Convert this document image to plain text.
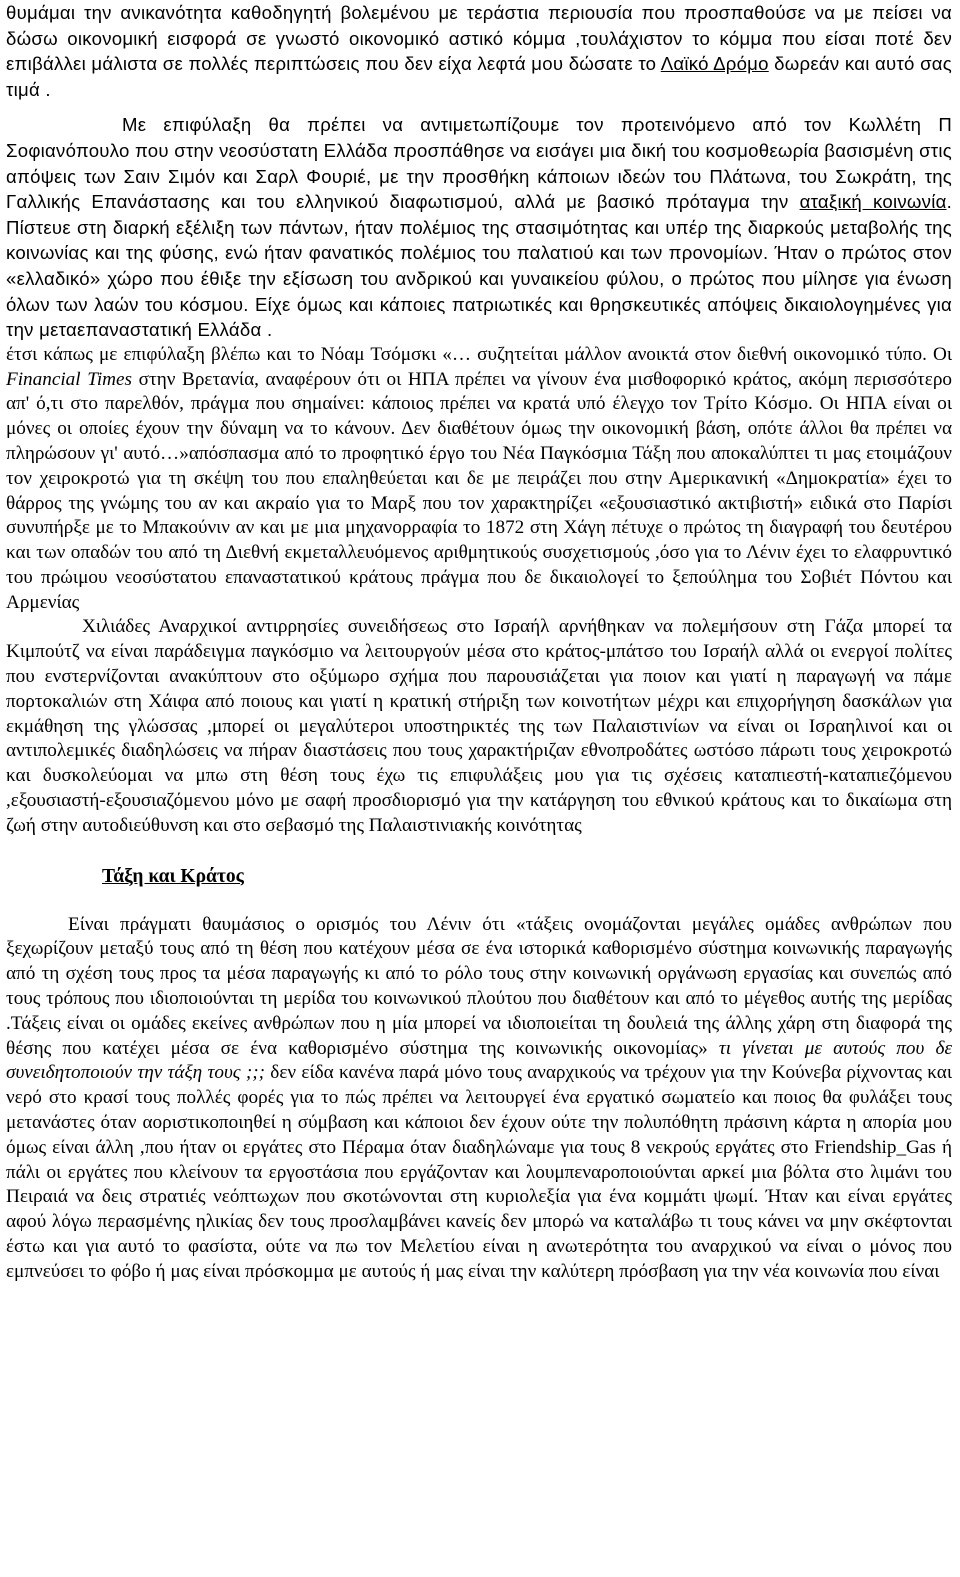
θυμάμαι την ανικανότητα καθοδηγητή βολεμένου με τεράστια περιουσία που προσπαθούσε να με πείσει να δώσω οικονομική εισφορά σε γνωστό οικονομικό αστικό κόμμα ,τουλάχιστον το κόμμα που είσαι ποτέ δεν επιβάλλει μάλιστα σε πολλές περιπτώσεις που δεν είχα λεφτά μου δώσατε το Λαϊκό Δρόμο δωρεάν και αυτό σας τιμά .

Με επιφύλαξη θα πρέπει να αντιμετωπίζουμε τον προτεινόμενο από τον Κωλλέτη Π Σοφιανόπουλο που στην νεοσύστατη Ελλάδα προσπάθησε να εισάγει μια δική του κοσμοθεωρία βασισμένη στις απόψεις των Σαιν Σιμόν και Σαρλ Φουριέ, με την προσθήκη κάποιων ιδεών του Πλάτωνα, του Σωκράτη, της Γαλλικής Επανάστασης και του ελληνικού διαφωτισμού, αλλά με βασικό πρόταγμα την αταξική κοινωνία. Πίστευε στη διαρκή εξέλιξη των πάντων, ήταν πολέμιος της στασιμότητας και υπέρ της διαρκούς μεταβολής της κοινωνίας και της φύσης, ενώ ήταν φανατικός πολέμιος του παλατιού και των προνομίων. Ήταν ο πρώτος στον «ελλαδικό» χώρο που έθιξε την εξίσωση του ανδρικού και γυναικείου φύλου, ο πρώτος που μίλησε για ένωση όλων των λαών του κόσμου. Είχε όμως και κάποιες πατριωτικές και θρησκευτικές απόψεις δικαιολογημένες για την μεταεπαναστατική Ελλάδα .

έτσι κάπως με επιφύλαξη βλέπω και το Νόαμ Τσόμσκι «… συζητείται μάλλον ανοικτά στον διεθνή οικονομικό τύπο. Οι Financial Times στην Βρετανία, αναφέρουν ότι οι ΗΠΑ πρέπει να γίνουν ένα μισθοφορικό κράτος, ακόμη περισσότερο απ' ό,τι στο παρελθόν, πράγμα που σημαίνει: κάποιος πρέπει να κρατά υπό έλεγχο τον Τρίτο Κόσμο. Οι ΗΠΑ είναι οι μόνες οι οποίες έχουν την δύναμη να το κάνουν. Δεν διαθέτουν όμως την οικονομική βάση, οπότε άλλοι θα πρέπει να πληρώσουν γι' αυτό…»απόσπασμα από το προφητικό έργο του Νέα Παγκόσμια Τάξη που αποκαλύπτει τι μας ετοιμάζουν τον χειροκροτώ για τη σκέψη του που επαληθεύεται και δε με πειράζει που στην Αμερικανική «Δημοκρατία» έχει το θάρρος της γνώμης του αν και ακραίο για το Μαρξ που τον χαρακτηρίζει «εξουσιαστικό ακτιβιστή» ειδικά στο Παρίσι συνυπήρξε με το Μπακούνιν αν και με μια μηχανορραφία το 1872 στη Χάγη πέτυχε ο πρώτος τη διαγραφή του δευτέρου και των οπαδών του από τη Διεθνή εκμεταλλευόμενος αριθμητικούς συσχετισμούς ,όσο για το Λένιν έχει το ελαφρυντικό του πρώιμου νεοσύστατου επαναστατικού κράτους πράγμα που δε δικαιολογεί το ξεπούλημα του Σοβιέτ Πόντου και Αρμενίας

Χιλιάδες Αναρχικοί αντιρρησίες συνειδήσεως στο Ισραήλ αρνήθηκαν να πολεμήσουν στη Γάζα μπορεί τα Κιμπούτζ να είναι παράδειγμα παγκόσμιο να λειτουργούν μέσα στο κράτος-μπάτσο του Ισραήλ αλλά οι ενεργοί πολίτες που ενστερνίζονται ανακύπτουν στο οξύμωρο σχήμα που παρουσιάζεται για ποιον και γιατί η παραγωγή να πάμε πορτοκαλιών στη Χάιφα από ποιους και γιατί η κρατική στήριξη των κοινοτήτων μέχρι και επιχορήγηση δασκάλων για εκμάθηση της γλώσσας ,μπορεί οι μεγαλύτεροι υποστηρικτές της των Παλαιστινίων να είναι οι Ισραηλινοί και οι αντιπολεμικές διαδηλώσεις να πήραν διαστάσεις που τους χαρακτήριζαν εθνοπροδάτες ωστόσο πάρωτι τους χειροκροτώ και δυσκολεύομαι να μπω στη θέση τους έχω τις επιφυλάξεις μου για τις σχέσεις καταπιεστή-καταπιεζόμενου ,εξουσιαστή-εξουσιαζόμενου μόνο με σαφή προσδιορισμό για την κατάργηση του εθνικού κράτους και το δικαίωμα στη ζωή στην αυτοδιεύθυνση και στο σεβασμό της Παλαιστινιακής κοινότητας

Τάξη και Κράτος

Είναι πράγματι θαυμάσιος ο ορισμός του Λένιν ότι «τάξεις ονομάζονται μεγάλες ομάδες ανθρώπων που ξεχωρίζουν μεταξύ τους από τη θέση που κατέχουν μέσα σε ένα ιστορικά καθορισμένο σύστημα κοινωνικής παραγωγής από τη σχέση τους προς τα μέσα παραγωγής κι από το ρόλο τους στην κοινωνική οργάνωση εργασίας και συνεπώς από τους τρόπους που ιδιοποιούνται τη μερίδα του κοινωνικού πλούτου που διαθέτουν και από το μέγεθος αυτής της μερίδας .Τάξεις είναι οι ομάδες εκείνες ανθρώπων που η μία μπορεί να ιδιοποιείται τη δουλειά της άλλης χάρη στη διαφορά της θέσης που κατέχει μέσα σε ένα καθορισμένο σύστημα της κοινωνικής οικονομίας» τι γίνεται με αυτούς που δε συνειδητοποιούν την τάξη τους ;;; δεν είδα κανένα παρά μόνο τους αναρχικούς να τρέχουν για την Κούνεβα ρίχνοντας και νερό στο κρασί τους πολλές φορές για το πώς πρέπει να λειτουργεί ένα εργατικό σωματείο και ποιος θα φυλάξει τους μετανάστες όταν αοριστικοποιηθεί η σύμβαση και κάποιοι δεν έχουν ούτε την πολυπόθητη πράσινη κάρτα η απορία μου όμως είναι άλλη ,που ήταν οι εργάτες στο Πέραμα όταν διαδηλώναμε για τους 8 νεκρούς εργάτες στο Friendship_Gas ή πάλι οι εργάτες που κλείνουν τα εργοστάσια που εργάζονταν και λουμπεναροποιούνται αρκεί μια βόλτα στο λιμάνι του Πειραιά να δεις στρατιές νεόπτωχων που σκοτώνονται στη κυριολεξία για ένα κομμάτι ψωμί. Ήταν και είναι εργάτες αφού λόγω περασμένης ηλικίας δεν τους προσλαμβάνει κανείς δεν μπορώ να καταλάβω τι τους κάνει να μην σκέφτονται έστω και για αυτό το φασίστα, ούτε να πω τον Μελετίου είναι η ανωτερότητα του αναρχικού να είναι ο μόνος που εμπνεύσει το φόβο ή μας είναι πρόσκομμα με αυτούς ή μας είναι την καλύτερη πρόσβαση για την νέα κοινωνία που είναι
